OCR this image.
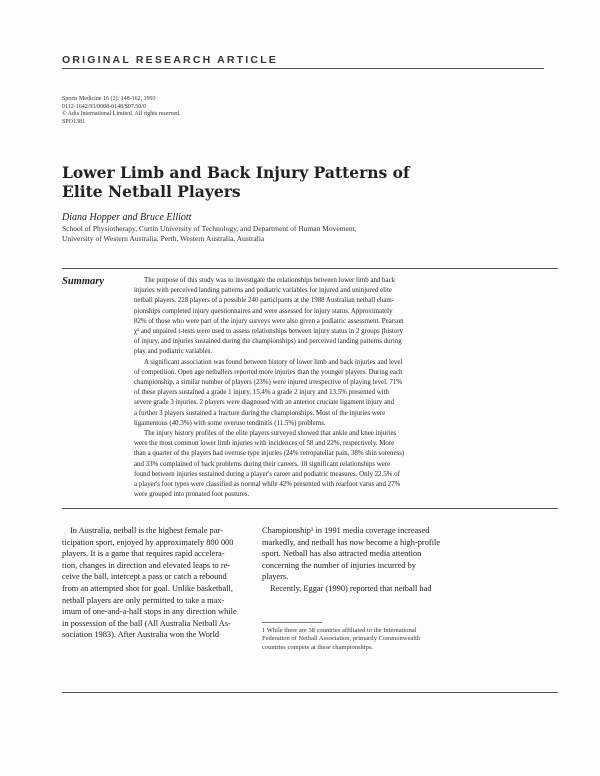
ORIGINAL RESEARCH ARTICLE
Sports Medicine 16 (2): 148-162, 1993
0112-1642/93/0008-0148/$07.50/0
© Adis International Limited. All rights reserved.
SPO1381
Lower Limb and Back Injury Patterns of
Elite Netball Players
Diana Hopper and Bruce Elliott
School of Physiotherapy, Curtin University of Technology, and Department of Human Movement,
University of Western Australia, Perth, Western Australia, Australia
Summary	The purpose of this study was to investigate the relationships between lower limb and back
injuries with perceived landing patterns and podiatric variables for injured and uninjured elite
netball players. 228 players of a possible 240 participants at the 1988 Australian netball cham-
pionships completed injury questionnaires and were assessed for injury status. Approximately
82% of those who were part of the injury surveys were also given a podiatric assessment. Pearson
χ² and unpaired t-tests were used to assess relationships between injury status in 2 groups (history
of injury, and injuries sustained during the championships) and perceived landing patterns during
play and podiatric variables.
A significant association was found between history of lower limb and back injuries and level
of competition. Open age netballers reported more injuries than the younger players. During each
championship, a similar number of players (23%) were injured irrespective of playing level. 71%
of these players sustained a grade 1 injury, 15.4% a grade 2 injury and 13.5% presented with
severe grade 3 injuries. 2 players were diagnosed with an anterior cruciate ligament injury and
a further 3 players sustained a fracture during the championships. Most of the injuries were
ligamentous (40.3%) with some overuse tendinitis (11.5%) problems.
The injury history profiles of the elite players surveyed showed that ankle and knee injuries
were the most common lower limb injuries with incidences of 58 and 22%, respectively. More
than a quarter of the players had overuse type injuries (24% retropatellar pain, 38% shin soreness)
and 33% complained of back problems during their careers. 18 significant relationships were
found between injuries sustained during a player's career and podiatric measures. Only 22.5% of
a player's foot types were classified as normal while 42% presented with rearfoot varus and 27%
were grouped into pronated foot postures.
In Australia, netball is the highest female par-
ticipation sport, enjoyed by approximately 800 000
players. It is a game that requires rapid accelera-
tion, changes in direction and elevated leaps to re-
ceive the ball, intercept a pass or catch a rebound
from an attempted shot for goal. Unlike basketball,
netball players are only permitted to take a max-
imum of one-and-a-half stops in any direction while
in possession of the ball (All Australia Netball As-
sociation 1983). After Australia won the World
Championship¹ in 1991 media coverage increased
markedly, and netball has now become a high-profile
sport. Netball has also attracted media attention
concerning the number of injuries incurred by
players.
Recently, Eggar (1990) reported that netball had
1 While there are 38 countries affiliated to the International
Federation of Netball Association, primarily Commonwealth
countries compete at these championships.
